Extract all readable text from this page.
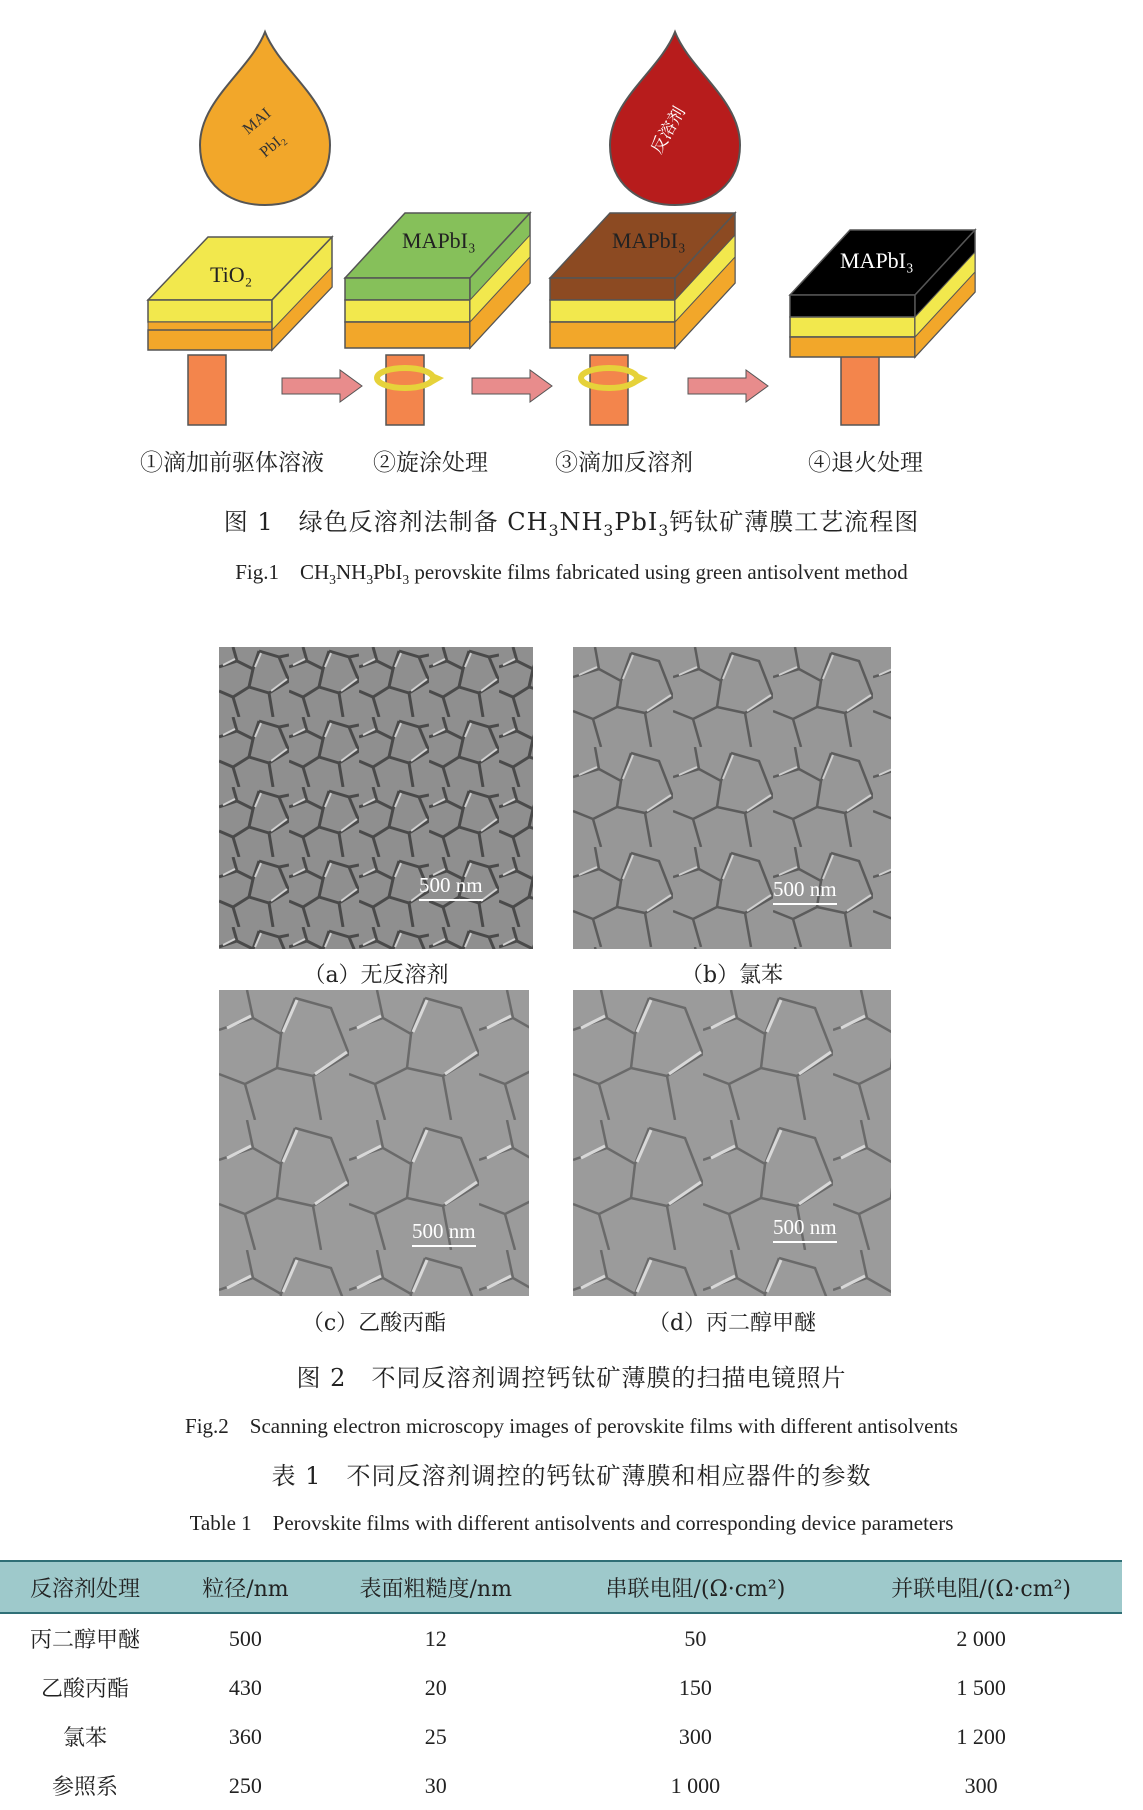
MAI
PbI₂	反溶剂
TiO₂
MAPbI₃	MAPbI₃
MAPbI₃
①滴加前驱体溶液 ②旋涂处理	③滴加反溶剂	④退火处理
图 1　绿色反溶剂法制备 $CH_3NH_3PbI_3$钙钛矿薄膜工艺流程图
Fig.1　$CH_3NH_3PbI_3$ perovskite films fabricated using green antisolvent method
500 nm
（a）无反溶剂
500 nm
（b）氯苯
500 nm
（c）乙酸丙酯
500 nm
（d）丙二醇甲醚
图 2　不同反溶剂调控钙钛矿薄膜的扫描电镜照片
Fig.2　Scanning electron microscopy images of perovskite films with different antisolvents
表 1　不同反溶剂调控的钙钛矿薄膜和相应器件的参数
Table 1　Perovskite films with different antisolvents and corresponding device parameters
反溶剂处理	粒径/nm	表面粗糙度/nm	串联电阻/(Ω·cm²)	并联电阻/(Ω·cm²)
丙二醇甲醚	500	12	50	2 000
乙酸丙酯	430	20	150	1 500
氯苯	360	25	300	1 200
参照系	250	30	1 000	300
